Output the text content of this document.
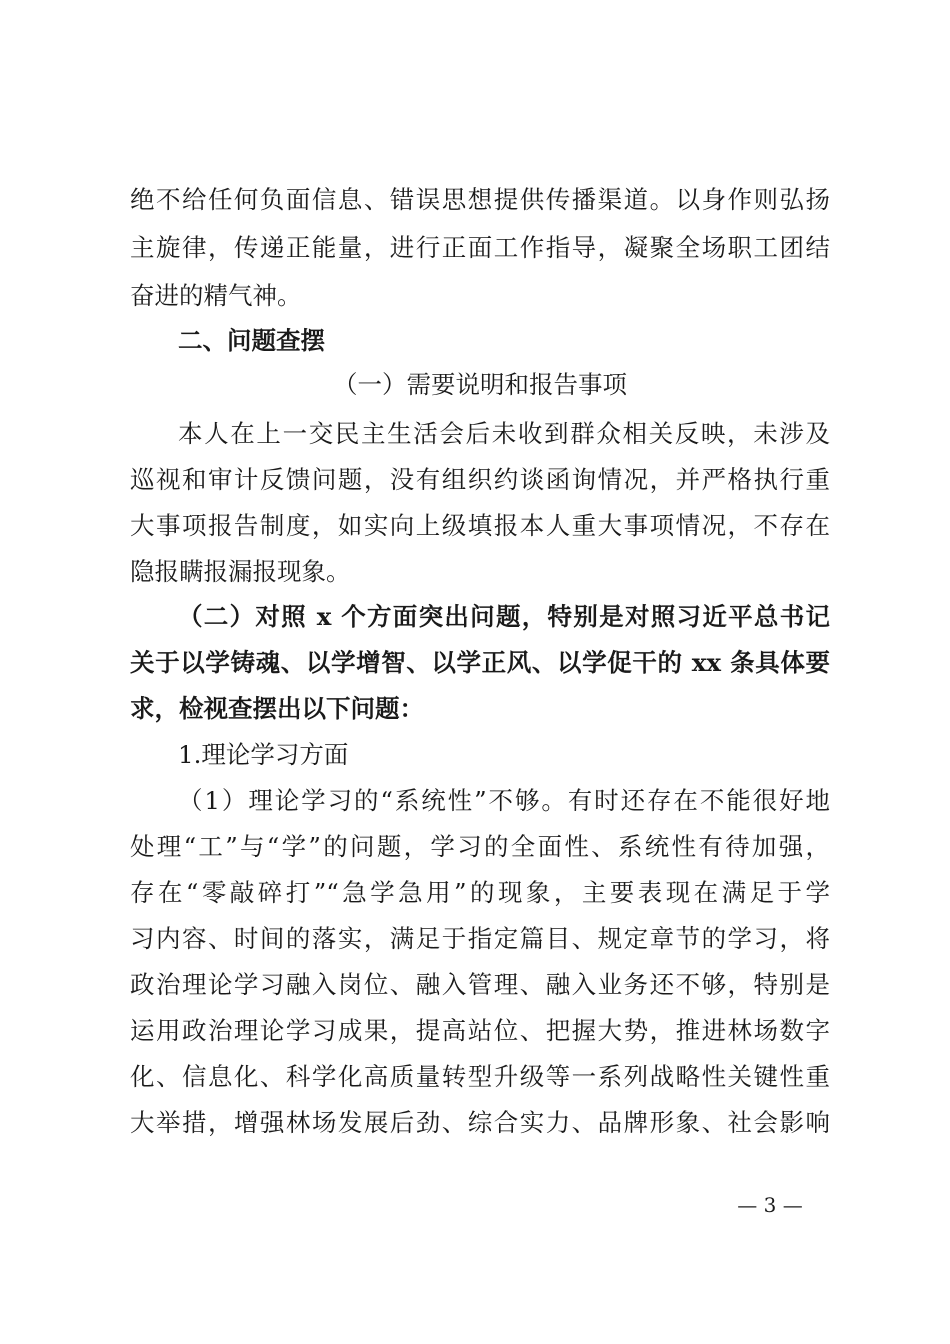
绝不给任何负面信息、错误思想提供传播渠道。以身作则弘扬
主旋律，传递正能量，进行正面工作指导，凝聚全场职工团结
奋进的精气神。
二、问题查摆
（一）需要说明和报告事项
本人在上一交民主生活会后未收到群众相关反映，未涉及
巡视和审计反馈问题，没有组织约谈函询情况，并严格执行重
大事项报告制度，如实向上级填报本人重大事项情况，不存在
隐报瞒报漏报现象。
（二）对照 x 个方面突出问题，特别是对照习近平总书记
关于以学铸魂、以学增智、以学正风、以学促干的 xx 条具体要
求，检视查摆出以下问题：
1.理论学习方面
（1）理论学习的“系统性”不够。有时还存在不能很好地
处理“工”与“学”的问题，学习的全面性、系统性有待加强，
存在“零敲碎打”“急学急用”的现象，主要表现在满足于学
习内容、时间的落实，满足于指定篇目、规定章节的学习，将
政治理论学习融入岗位、融入管理、融入业务还不够，特别是
运用政治理论学习成果，提高站位、把握大势，推进林场数字
化、信息化、科学化高质量转型升级等一系列战略性关键性重
大举措，增强林场发展后劲、综合实力、品牌形象、社会影响
— 3 —
